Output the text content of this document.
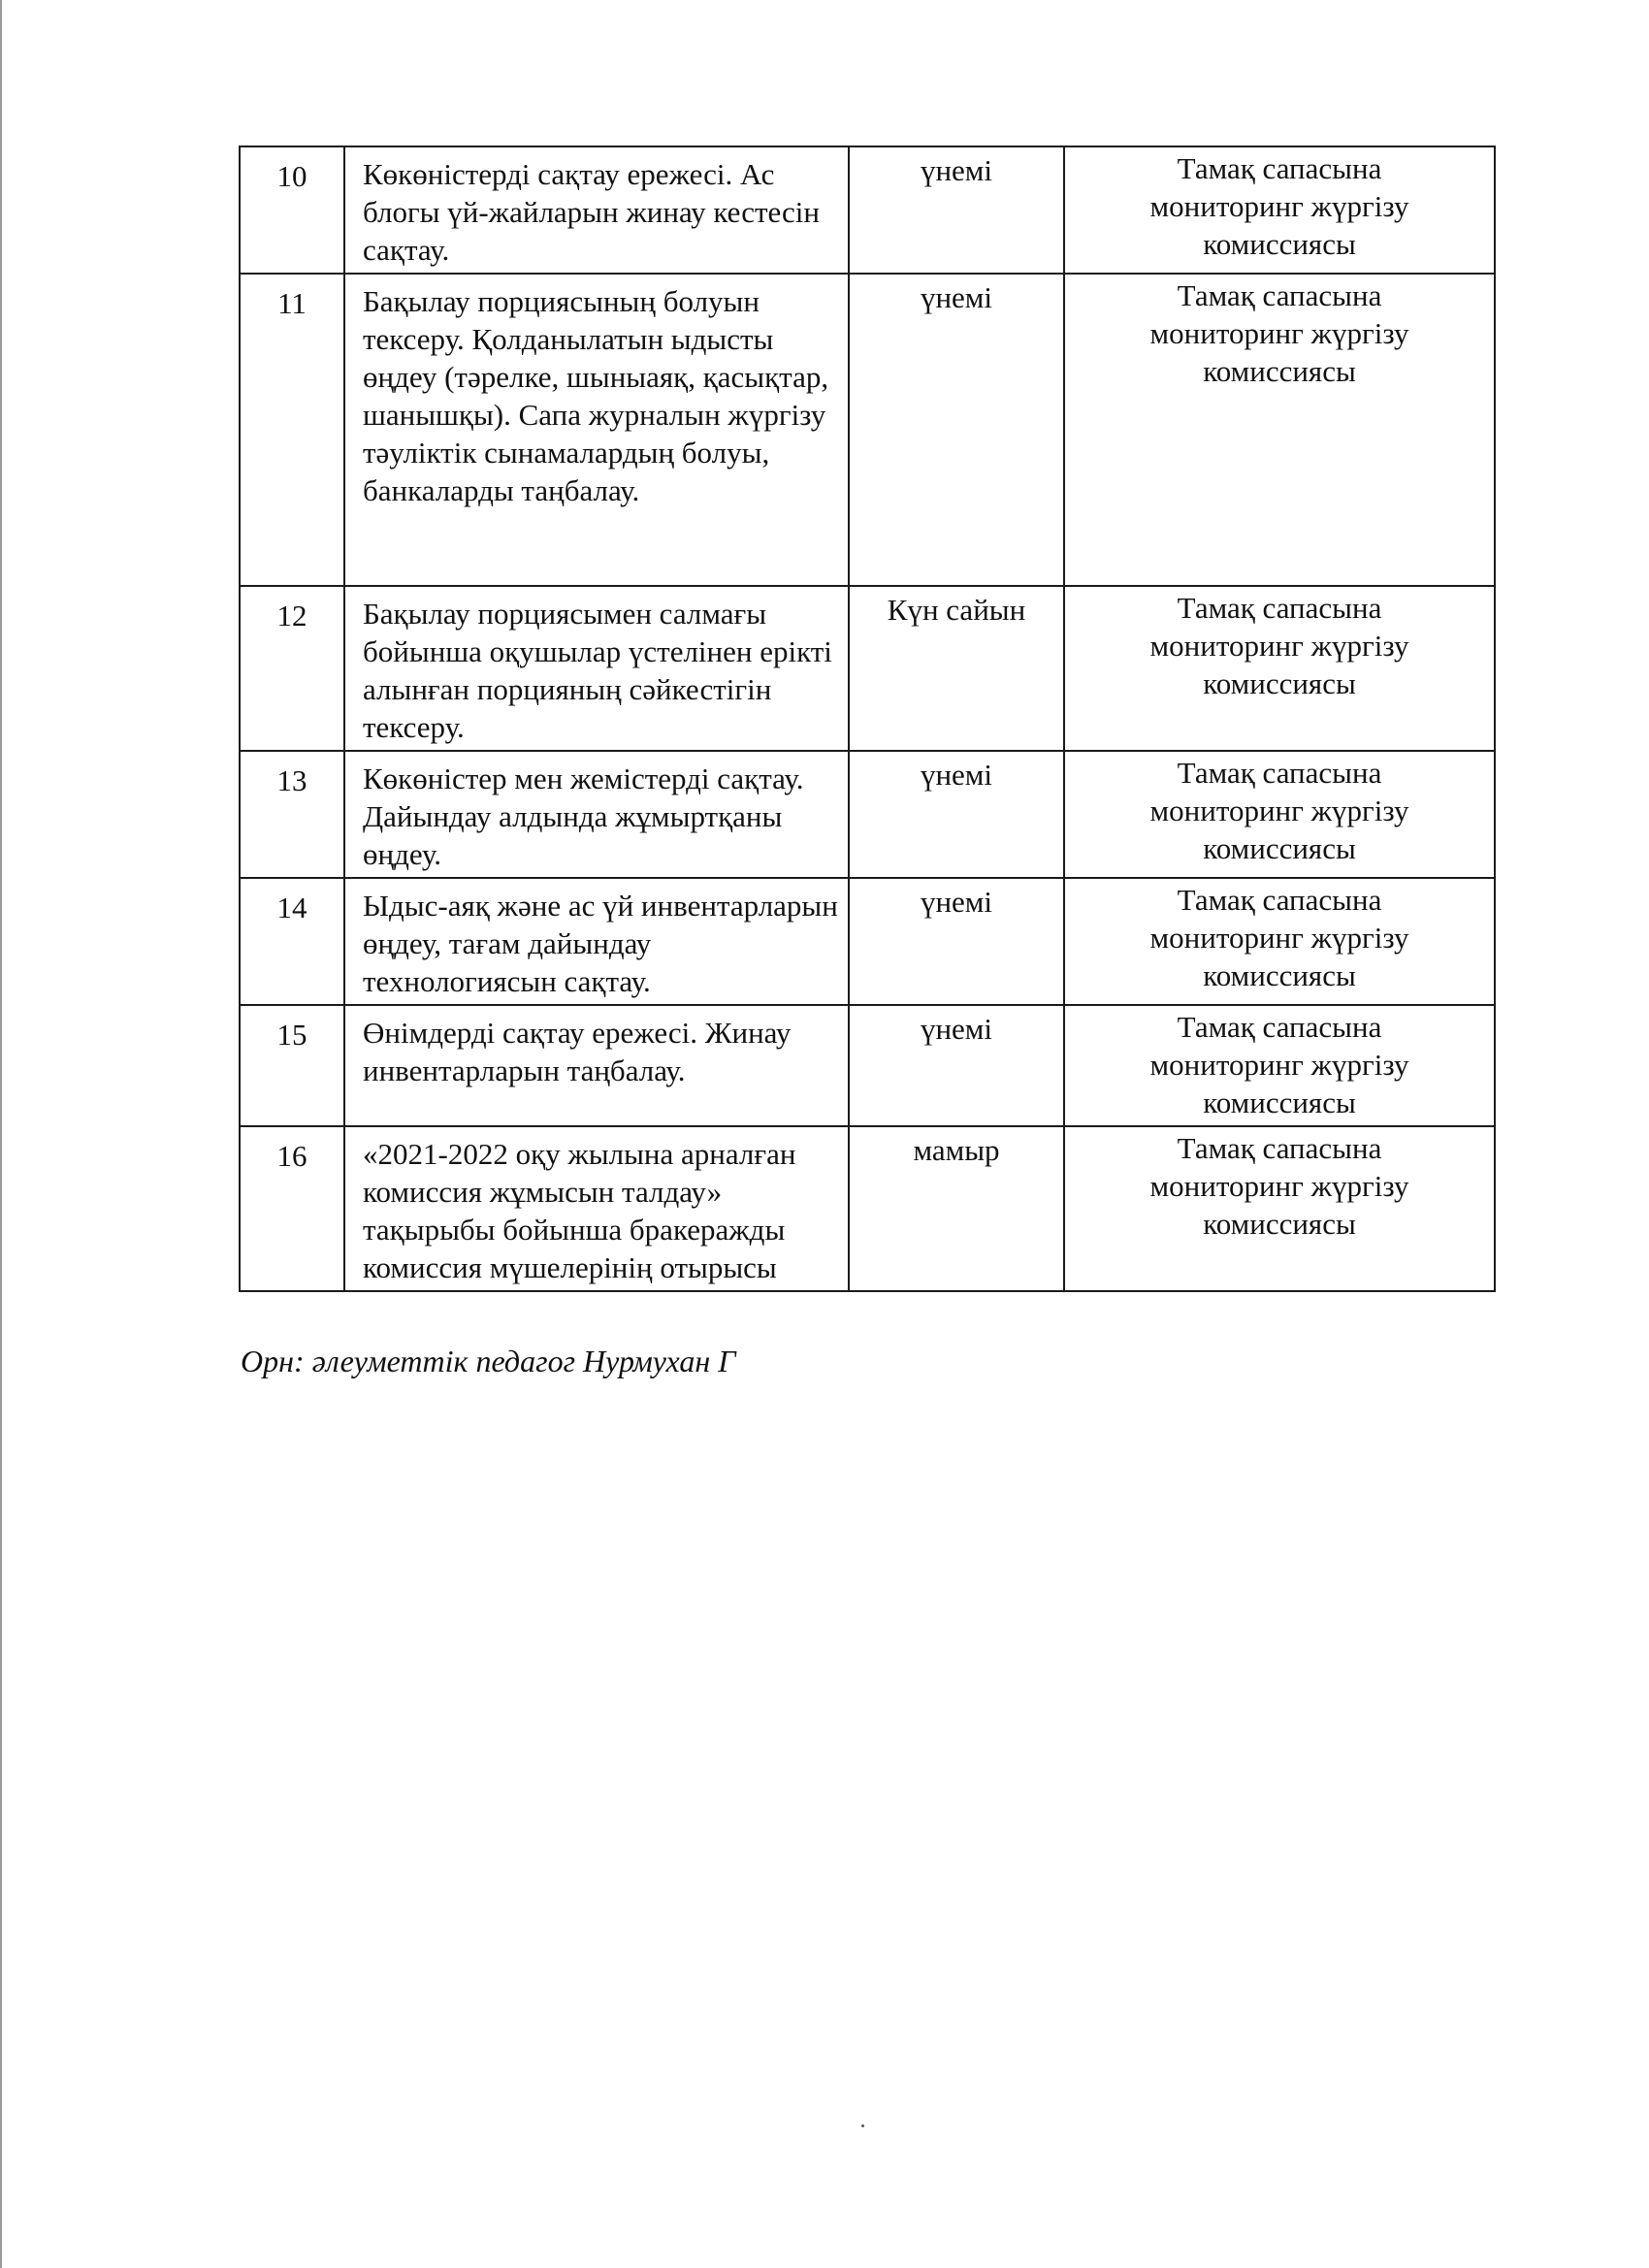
10	Көкөністерді сақтау ережесі. Ас блогы үй-жайларын жинау кестесін сақтау.	үнемі	Тамақ сапасына
мониторинг жүргізу
комиссиясы
11	Бақылау порциясының болуын тексеру. Қолданылатын ыдысты өңдеу (тәрелке, шыныаяқ, қасықтар, шанышқы). Сапа журналын жүргізу тәуліктік сынамалардың болуы, банкаларды таңбалау.	үнемі	Тамақ сапасына
мониторинг жүргізу
комиссиясы
12	Бақылау порциясымен салмағы бойынша оқушылар үстелінен ерікті алынған порцияның сәйкестігін тексеру.	Күн сайын	Тамақ сапасына
мониторинг жүргізу
комиссиясы
13	Көкөністер мен жемістерді сақтау. Дайындау алдында жұмыртқаны өңдеу.	үнемі	Тамақ сапасына
мониторинг жүргізу
комиссиясы
14	Ыдыс-аяқ және ас үй инвентарларын өңдеу, тағам дайындау технологиясын сақтау.	үнемі	Тамақ сапасына
мониторинг жүргізу
комиссиясы
15	Өнімдерді сақтау ережесі. Жинау инвентарларын таңбалау.	үнемі	Тамақ сапасына
мониторинг жүргізу
комиссиясы
16	«2021-2022 оқу жылына арналған комиссия жұмысын талдау» тақырыбы бойынша бракеражды комиссия мүшелерінің отырысы	мамыр	Тамақ сапасына
мониторинг жүргізу
комиссиясы
Орн: әлеуметтік педагог Нурмухан Г
